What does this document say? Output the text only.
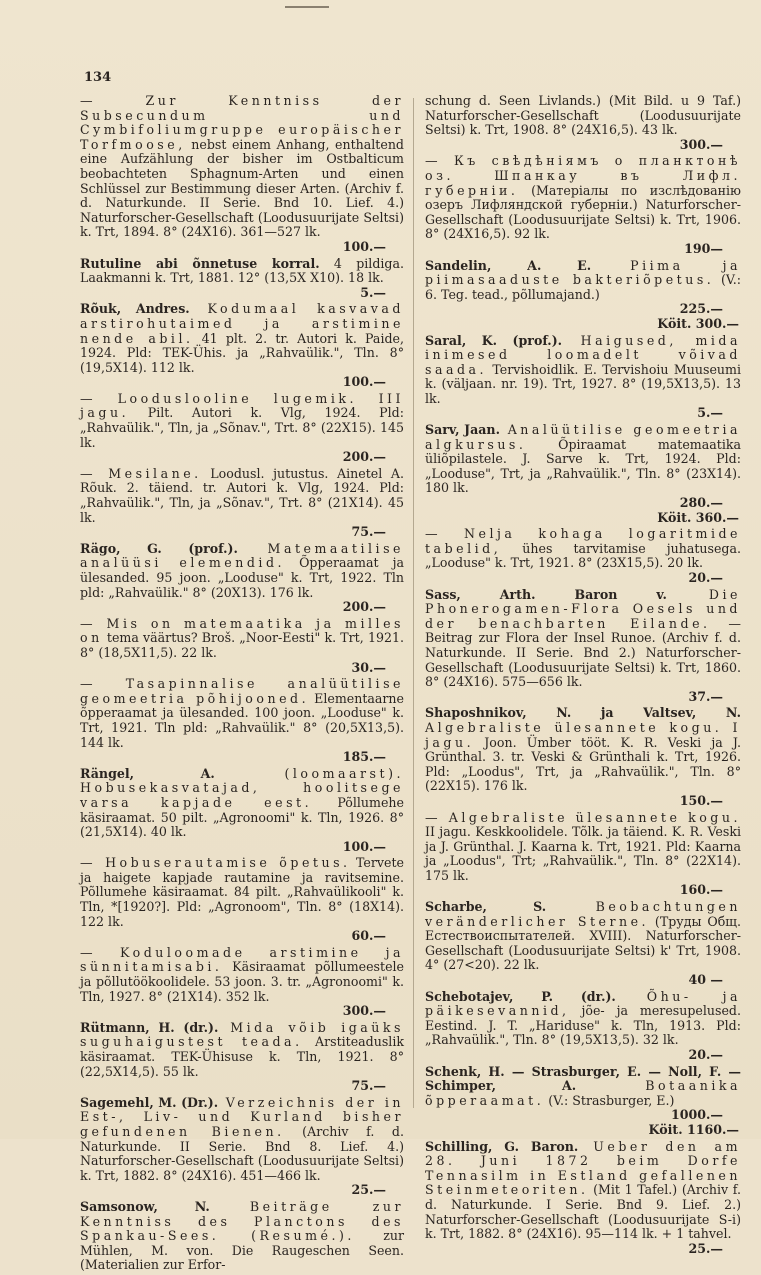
134
— Zur Kenntniss der Subsecundum und Cymbifoliumgruppe europäischer Torfmoose, nebst einem Anhang, enthaltend eine Aufzählung der bisher im Ostbalticum beobachteten Sphagnum-Arten und einen Schlüssel zur Bestimmung dieser Arten. (Archiv f. d. Naturkunde. II Serie. Bnd 10. Lief. 4.) Naturforscher-Gesellschaft (Loodusuurijate Seltsi) k. Trt, 1894. 8° (24X16). 361—527 lk.
100.—
Rutuline abi õnnetuse korral. 4 pildiga. Laakmanni k. Trt, 1881. 12° (13,5X X10). 18 lk.
5.—
Rõuk, Andres. Kodumaal kasvavad arstirohutaimed ja arstimine nende abil. 41 plt. 2. tr. Autori k. Paide, 1924. Pld: TEK-Ühis. ja „Rahvaülik.", Tln. 8° (19,5X14). 112 lk.
100.—
— Looduslooline lugemik. III jagu. Pilt. Autori k. Vlg, 1924. Pld: „Rahvaülik.", Tln, ja „Sõnav.", Trt. 8° (22X15). 145 lk.
200.—
— Mesilane. Loodusl. jutustus. Ainetel A. Rõuk. 2. täiend. tr. Autori k. Vlg, 1924. Pld: „Rahvaülik.", Tln, ja „Sõnav.", Trt. 8° (21X14). 45 lk.
75.—
Rägo, G. (prof.). Matemaatilise analüüsi elemendid. Õpperaamat ja ülesanded. 95 joon. „Looduse" k. Trt, 1922. Tln pld: „Rahvaülik." 8° (20X13). 176 lk.
200.—
— Mis on matemaatika ja milles on tema väärtus? Broš. „Noor-Eesti" k. Trt, 1921. 8° (18,5X11,5). 22 lk.
30.—
— Tasapinnalise analüütilise geomeetria põhijooned. Elementaarne õpperaamat ja ülesanded. 100 joon. „Looduse" k. Trt, 1921. Tln pld: „Rahvaülik." 8° (20,5X13,5). 144 lk.
185.—
Rängel, A. (loomaarst). Hobusekasvatajad, hoolitsege varsa kapjade eest. Põllumehe käsiraamat. 50 pilt. „Agronoomi" k. Tln, 1926. 8° (21,5X14). 40 lk.
100.—
— Hobuserautamise õpetus. Tervete ja haigete kapjade rautamine ja ravitsemine. Põllumehe käsiraamat. 84 pilt. „Rahvaülikooli" k. Tln, *[1920?]. Pld: „Agronoom", Tln. 8° (18X14). 122 lk.
60.—
— Koduloomade arstimine ja sünnitamisabi. Käsiraamat põllumeestele ja põllutöökoolidele. 53 joon. 3. tr. „Agronoomi" k. Tln, 1927. 8° (21X14). 352 lk.
300.—
Rütmann, H. (dr.). Mida võib igaüks suguhaigustest teada. Arstiteaduslik käsiraamat. TEK-Ühisuse k. Tln, 1921. 8° (22,5X14,5). 55 lk.
75.—
Sagemehl, M. (Dr.). Verzeichnis der in Est-, Liv- und Kurland bisher gefundenen Bienen. (Archiv f. d. Naturkunde. II Serie. Bnd 8. Lief. 4.) Naturforscher-Gesellschaft (Loodusuurijate Seltsi) k. Trt, 1882. 8° (24X16). 451—466 lk.
25.—
Samsonow, N. Beiträge zur Kenntniss des Planctons des Spankau-Sees. (Resumé.). zur Mühlen, M. von. Die Raugeschen Seen. (Materialien zur Erfor-
schung d. Seen Livlands.) (Mit Bild. u 9 Taf.) Naturforscher-Gesellschaft (Loodusuurijate Seltsi) k. Trt, 1908. 8° (24X16,5). 43 lk.
300.—
— Къ свѣдѣніямъ о планктонѣ оз. Шпанкау въ Лифл. губерніи. (Матеріалы по изслѣдованію озеръ Лифляндской губерніи.) Naturforscher-Gesellschaft (Loodusuurijate Seltsi) k. Trt, 1906. 8° (24X16,5). 92 lk.
190—
Sandelin, A. E. Piima ja piimasaaduste bakteriõpetus. (V.: 6. Teg. tead., põllumajand.)
225.—
Köit. 300.—
Saral, K. (prof.). Haigused, mida inimesed loomadelt võivad saada. Tervishoidlik. E. Tervishoiu Muuseumi k. (väljaan. nr. 19). Trt, 1927. 8° (19,5X13,5). 13 lk.
5.—
Sarv, Jaan. Analüütilise geomeetria algkursus. Õpiraamat matemaatika üliõpilastele. J. Sarve k. Trt, 1924. Pld: „Looduse", Trt, ja „Rahvaülik.", Tln. 8° (23X14). 180 lk.
280.—
Köit. 360.—
— Nelja kohaga logaritmide tabelid, ühes tarvitamise juhatusega. „Looduse" k. Trt, 1921. 8° (23X15,5). 20 lk.
20.—
Sass, Arth. Baron v. Die Phonerogamen-Flora Oesels und der benachbarten Eilande. — Beitrag zur Flora der Insel Runoe. (Archiv f. d. Naturkunde. II Serie. Bnd 2.) Naturforscher-Gesellschaft (Loodusuurijate Seltsi) k. Trt, 1860. 8° (24X16). 575—656 lk.
37.—
Shaposhnikov, N. ja Valtsev, N. Algebraliste ülesannete kogu. I jagu. Joon. Ümber tööt. K. R. Veski ja J. Grünthal. 3. tr. Veski & Grünthali k. Trt, 1926. Pld: „Loodus", Trt, ja „Rahvaülik.", Tln. 8° (22X15). 176 lk.
150.—
— Algebraliste ülesannete kogu. II jagu. Keskkoolidele. Tõlk. ja täiend. K. R. Veski ja J. Grünthal. J. Kaarna k. Trt, 1921. Pld: Kaarna ja „Loodus", Trt; „Rahvaülik.", Tln. 8° (22X14). 175 lk.
160.—
Scharbe, S. Beobachtungen veränderlicher Sterne. (Труды Общ. Естествоиспытателей. XVIII). Naturforscher-Gesellschaft (Loodusuurijate Seltsi) k' Trt, 1908. 4° (27<20). 22 lk.
40 —
Schebotajev, P. (dr.). Õhu- ja päikesevannid, jõe- ja meresupelused. Eestind. J. T. „Hariduse" k. Tln, 1913. Pld: „Rahvaülik.", Tln. 8° (19,5X13,5). 32 lk.
20.—
Schenk, H. — Strasburger, E. — Noll, F. — Schimper, A. Botaanika õpperaamat. (V.: Strasburger, E.)
1000.—
Köit. 1160.—
Schilling, G. Baron. Ueber den am 28. Juni 1872 beim Dorfe Tennasilm in Estland gefallenen Steinmeteoriten. (Mit 1 Tafel.) (Archiv f. d. Naturkunde. I Serie. Bnd 9. Lief. 2.) Naturforscher-Gesellschaft (Loodusuurijate S-i) k. Trt, 1882. 8° (24X16). 95—114 lk. + 1 tahvel.
25.—
